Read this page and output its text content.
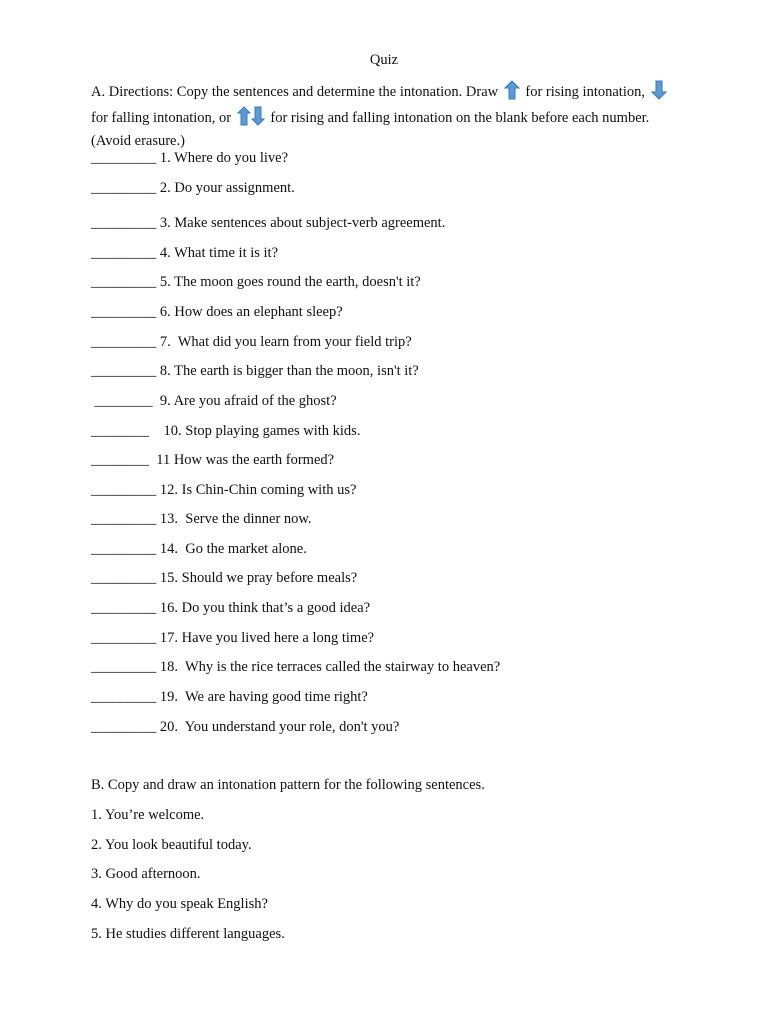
Quiz
A. Directions: Copy the sentences and determine the intonation. Draw for rising intonation,
for falling intonation, or	for rising and falling intonation on the blank before each number. (Avoid erasure.)
_________ 1. Where do you live?
_________ 2. Do your assignment.
_________ 3. Make sentences about subject-verb agreement.
_________ 4. What time it is it?
_________ 5. The moon goes round the earth, doesn't it?
_________ 6. How does an elephant sleep?
_________ 7.  What did you learn from your field trip?
_________ 8. The earth is bigger than the moon, isn't it?
________  9. Are you afraid of the ghost?
________    10. Stop playing games with kids.
________  11 How was the earth formed?
_________ 12. Is Chin-Chin coming with us?
_________ 13.  Serve the dinner now.
_________ 14.  Go the market alone.
_________ 15. Should we pray before meals?
_________ 16. Do you think that’s a good idea?
_________ 17. Have you lived here a long time?
_________ 18.  Why is the rice terraces called the stairway to heaven?
_________ 19.  We are having good time right?
_________ 20.  You understand your role, don't you?
B. Copy and draw an intonation pattern for the following sentences.
1. You’re welcome.
2. You look beautiful today.
3. Good afternoon.
4. Why do you speak English?
5. He studies different languages.
